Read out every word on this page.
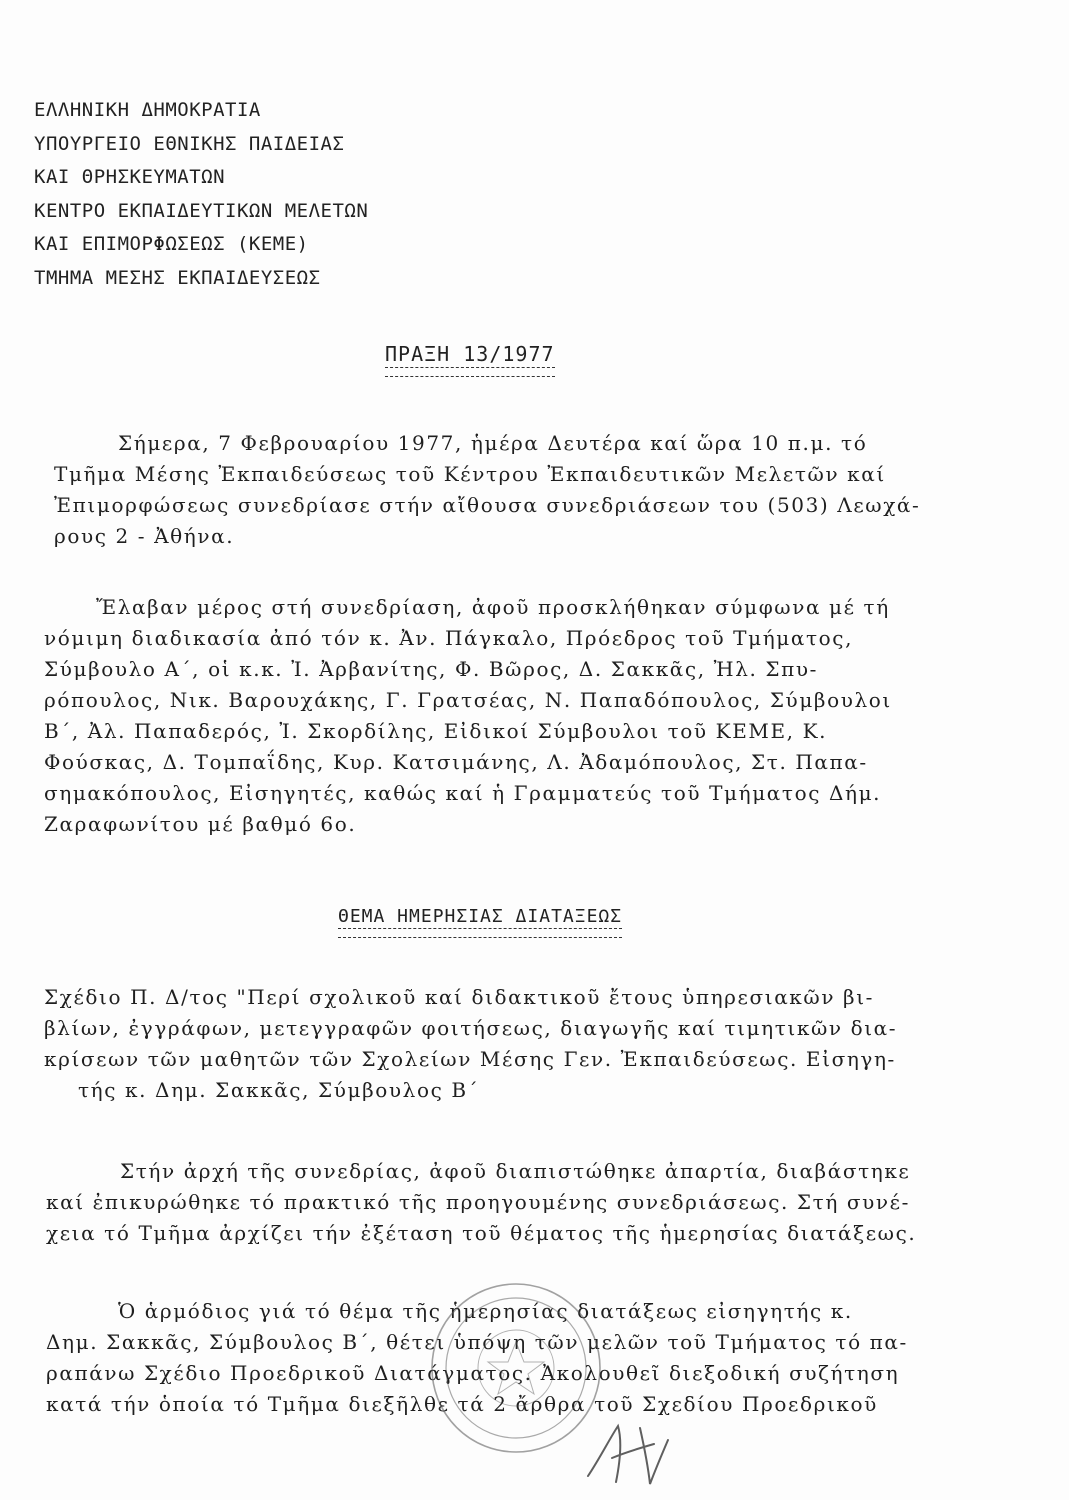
ΕΛΛΗΝΙΚΗ ΔΗΜΟΚΡΑΤΙΑ
ΥΠΟΥΡΓΕΙΟ ΕΘΝΙΚΗΣ ΠΑΙΔΕΙΑΣ
ΚΑΙ ΘΡΗΣΚΕΥΜΑΤΩΝ
ΚΕΝΤΡΟ ΕΚΠΑΙΔΕΥΤΙΚΩΝ ΜΕΛΕΤΩΝ
ΚΑΙ ΕΠΙΜΟΡΦΩΣΕΩΣ (ΚΕΜΕ)
ΤΜΗΜΑ ΜΕΣΗΣ ΕΚΠΑΙΔΕΥΣΕΩΣ
ΠΡΑΞΗ 13/1977
Σήμερα, 7 Φεβρουαρίου 1977, ἡμέρα Δευτέρα καί ὥρα 10 π.μ. τό
Τμῆμα Μέσης Ἐκπαιδεύσεως τοῦ Κέντρου Ἐκπαιδευτικῶν Μελετῶν καί
Ἐπιμορφώσεως συνεδρίασε στήν αἴθουσα συνεδριάσεων του (503) Λεωχά-
ρους 2 - Ἀθήνα.
Ἔλαβαν μέρος στή συνεδρίαση, ἀφοῦ προσκλήθηκαν σύμφωνα μέ τή
νόμιμη διαδικασία ἀπό τόν κ. Ἀν. Πάγκαλο, Πρόεδρος τοῦ Τμήματος,
Σύμβουλο Α΄, οἱ κ.κ. Ἰ. Ἀρβανίτης, Φ. Βῶρος, Δ. Σακκᾶς, Ἠλ. Σπυ-
ρόπουλος, Νικ. Βαρουχάκης, Γ. Γρατσέας, Ν. Παπαδόπουλος, Σύμβουλοι
Β΄, Ἀλ. Παπαδερός, Ἰ. Σκορδίλης, Εἰδικοί Σύμβουλοι τοῦ ΚΕΜΕ, Κ.
Φούσκας, Δ. Τομπαΐδης, Κυρ. Κατσιμάνης, Λ. Ἀδαμόπουλος, Στ. Παπα-
σημακόπουλος, Εἰσηγητές, καθώς καί ἡ Γραμματεύς τοῦ Τμήματος Δήμ.
Ζαραφωνίτου μέ βαθμό 6ο.
ΘΕΜΑ ΗΜΕΡΗΣΙΑΣ ΔΙΑΤΑΞΕΩΣ
Σχέδιο Π. Δ/τος "Περί σχολικοῦ καί διδακτικοῦ ἔτους ὑπηρεσιακῶν βι-
βλίων, ἐγγράφων, μετεγγραφῶν φοιτήσεως, διαγωγῆς καί τιμητικῶν δια-
κρίσεων τῶν μαθητῶν τῶν Σχολείων Μέσης Γεν. Ἐκπαιδεύσεως. Εἰσηγη-
τής κ. Δημ. Σακκᾶς, Σύμβουλος Β΄
Στήν ἀρχή τῆς συνεδρίας, ἀφοῦ διαπιστώθηκε ἀπαρτία, διαβάστηκε
καί ἐπικυρώθηκε τό πρακτικό τῆς προηγουμένης συνεδριάσεως. Στή συνέ-
χεια τό Τμῆμα ἀρχίζει τήν ἐξέταση τοῦ θέματος τῆς ἡμερησίας διατάξεως.
Ὁ ἁρμόδιος γιά τό θέμα τῆς ἡμερησίας διατάξεως εἰσηγητής κ.
Δημ. Σακκᾶς, Σύμβουλος Β΄, θέτει ὑπόψη τῶν μελῶν τοῦ Τμήματος τό πα-
ραπάνω Σχέδιο Προεδρικοῦ Διατάγματος. Ἀκολουθεῖ διεξοδική συζήτηση
κατά τήν ὁποία τό Τμῆμα διεξῆλθε τά 2 ἄρθρα τοῦ Σχεδίου Προεδρικοῦ
